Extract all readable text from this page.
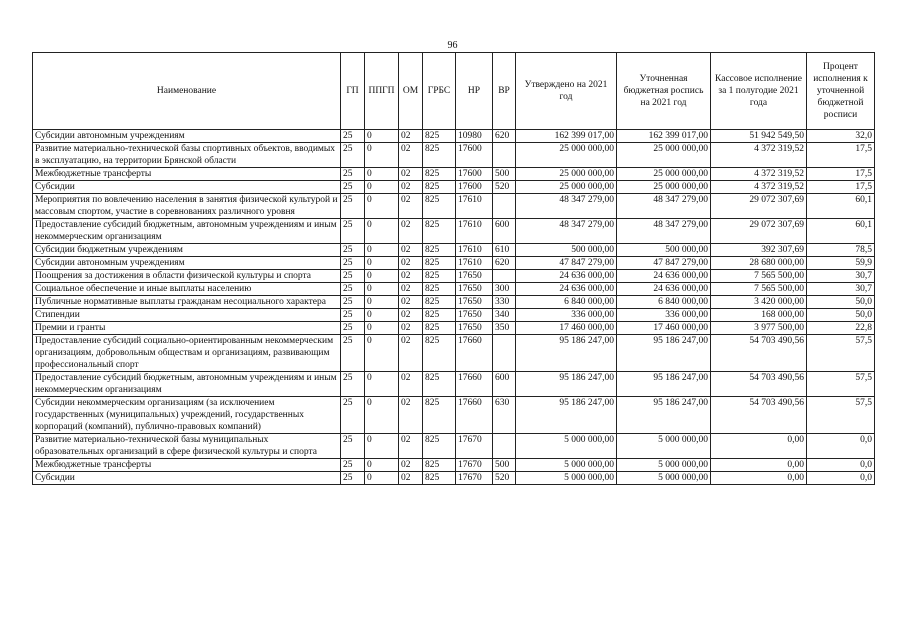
96
Наименование	ГП	ППГП	ОМ	ГРБС	НР	ВР	Утверждено на 2021 год	Уточненная бюджетная роспись на 2021 год	Кассовое исполнение за 1 полугодие 2021 года	Процент исполнения к уточненной бюджетной росписи
Субсидии автономным учреждениям	25	0	02	825	10980	620	162 399 017,00	162 399 017,00	51 942 549,50	32,0
Развитие материально-технической базы спортивных объектов, вводимых в эксплуатацию, на территории Брянской области	25	0	02	825	17600		25 000 000,00	25 000 000,00	4 372 319,52	17,5
Межбюджетные трансферты	25	0	02	825	17600	500	25 000 000,00	25 000 000,00	4 372 319,52	17,5
Субсидии	25	0	02	825	17600	520	25 000 000,00	25 000 000,00	4 372 319,52	17,5
Мероприятия по вовлечению населения в занятия физической культурой и массовым спортом, участие в соревнованиях различного уровня	25	0	02	825	17610		48 347 279,00	48 347 279,00	29 072 307,69	60,1
Предоставление субсидий бюджетным, автономным учреждениям и иным некоммерческим организациям	25	0	02	825	17610	600	48 347 279,00	48 347 279,00	29 072 307,69	60,1
Субсидии бюджетным учреждениям	25	0	02	825	17610	610	500 000,00	500 000,00	392 307,69	78,5
Субсидии автономным учреждениям	25	0	02	825	17610	620	47 847 279,00	47 847 279,00	28 680 000,00	59,9
Поощрения за достижения в области физической культуры и спорта	25	0	02	825	17650		24 636 000,00	24 636 000,00	7 565 500,00	30,7
Социальное обеспечение и иные выплаты населению	25	0	02	825	17650	300	24 636 000,00	24 636 000,00	7 565 500,00	30,7
Публичные нормативные выплаты гражданам несоциального характера	25	0	02	825	17650	330	6 840 000,00	6 840 000,00	3 420 000,00	50,0
Стипендии	25	0	02	825	17650	340	336 000,00	336 000,00	168 000,00	50,0
Премии и гранты	25	0	02	825	17650	350	17 460 000,00	17 460 000,00	3 977 500,00	22,8
Предоставление субсидий социально-ориентированным некоммерческим организациям, добровольным обществам и организациям, развивающим профессиональный спорт	25	0	02	825	17660		95 186 247,00	95 186 247,00	54 703 490,56	57,5
Предоставление субсидий бюджетным, автономным учреждениям и иным некоммерческим организациям	25	0	02	825	17660	600	95 186 247,00	95 186 247,00	54 703 490,56	57,5
Субсидии некоммерческим организациям (за исключением государственных (муниципальных) учреждений, государственных корпораций (компаний), публично-правовых компаний)	25	0	02	825	17660	630	95 186 247,00	95 186 247,00	54 703 490,56	57,5
Развитие материально-технической базы муниципальных образовательных организаций в сфере физической культуры и спорта	25	0	02	825	17670		5 000 000,00	5 000 000,00	0,00	0,0
Межбюджетные трансферты	25	0	02	825	17670	500	5 000 000,00	5 000 000,00	0,00	0,0
Субсидии	25	0	02	825	17670	520	5 000 000,00	5 000 000,00	0,00	0,0
